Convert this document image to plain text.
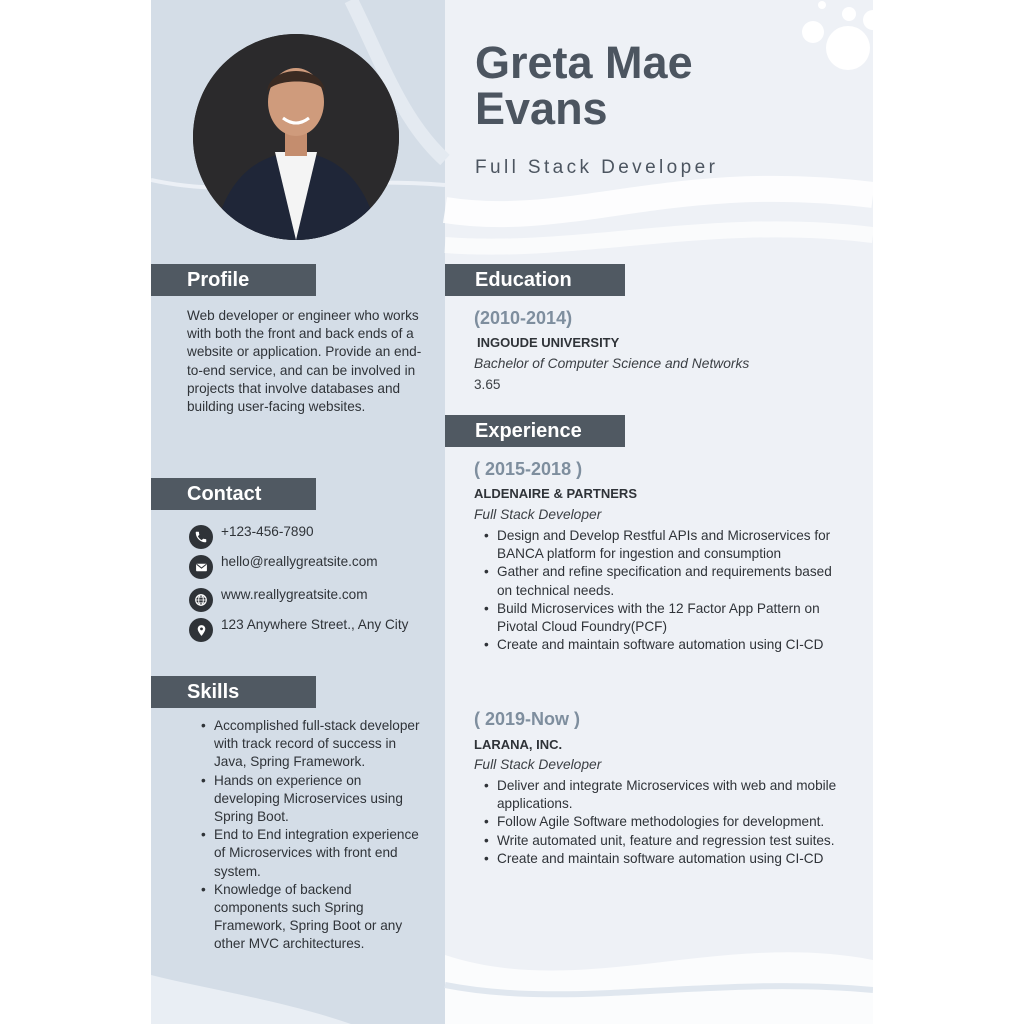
Greta Mae
Evans
Full Stack Developer
Profile
Web developer or engineer who works with both the front and back ends of a website or application. Provide an end-to-end service, and can be involved in projects that involve databases and building user-facing websites.
Contact
+123-456-7890
hello@reallygreatsite.com
www.reallygreatsite.com
123 Anywhere Street., Any City
Skills
• Accomplished full-stack developer with track record of success in Java, Spring Framework.
• Hands on experience on developing Microservices using Spring Boot.
• End to End integration experience of Microservices with front end system.
• Knowledge of backend components such Spring Framework, Spring Boot or any other MVC architectures.
Education
(2010-2014)
INGOUDE UNIVERSITY
Bachelor of Computer Science and Networks
3.65
Experience
( 2015-2018 )
ALDENAIRE & PARTNERS
Full Stack Developer
• Design and Develop Restful APIs and Microservices for BANCA platform for ingestion and consumption
• Gather and refine specification and requirements based on technical needs.
• Build Microservices with the 12 Factor App Pattern on Pivotal Cloud Foundry(PCF)
• Create and maintain software automation using CI-CD
( 2019-Now )
LARANA, INC.
Full Stack Developer
• Deliver and integrate Microservices with web and mobile applications.
• Follow Agile Software methodologies for development.
• Write automated unit, feature and regression test suites.
• Create and maintain software automation using CI-CD
